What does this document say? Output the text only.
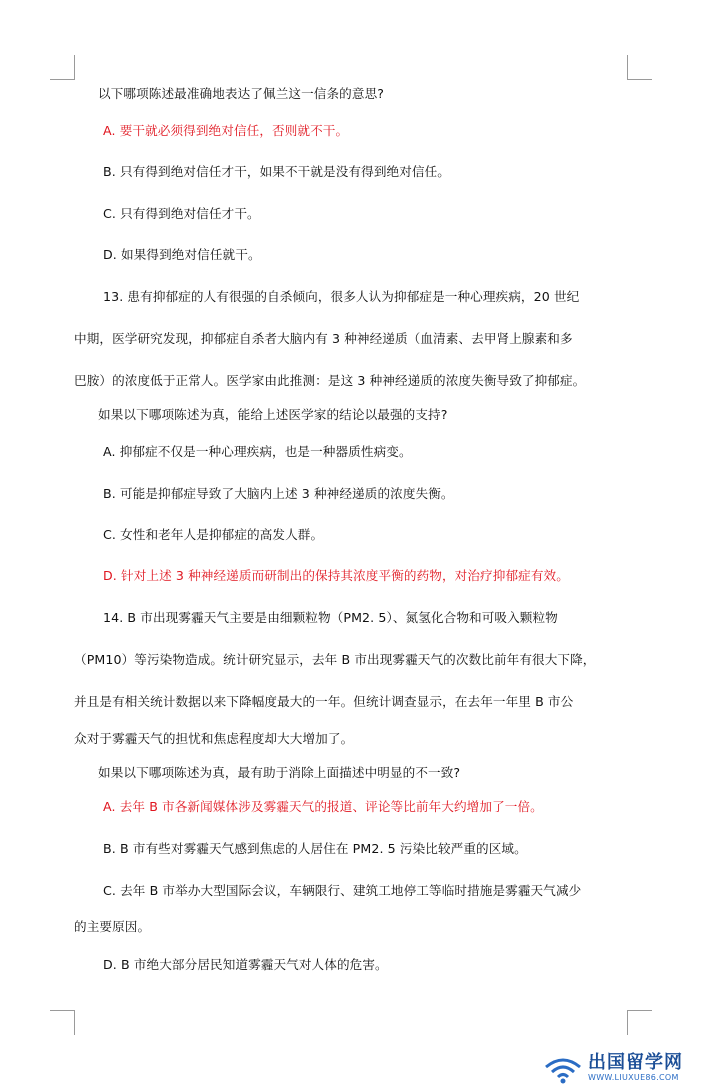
以下哪项陈述最准确地表达了佩兰这一信条的意思?

A. 要干就必须得到绝对信任，否则就不干。

B. 只有得到绝对信任才干，如果不干就是没有得到绝对信任。

C. 只有得到绝对信任才干。

D. 如果得到绝对信任就干。

13. 患有抑郁症的人有很强的自杀倾向，很多人认为抑郁症是一种心理疾病，20 世纪

中期，医学研究发现，抑郁症自杀者大脑内有 3 种神经递质（血清素、去甲肾上腺素和多

巴胺）的浓度低于正常人。医学家由此推测：是这 3 种神经递质的浓度失衡导致了抑郁症。

如果以下哪项陈述为真，能给上述医学家的结论以最强的支持?

A. 抑郁症不仅是一种心理疾病，也是一种器质性病变。

B. 可能是抑郁症导致了大脑内上述 3 种神经递质的浓度失衡。

C. 女性和老年人是抑郁症的高发人群。

D. 针对上述 3 种神经递质而研制出的保持其浓度平衡的药物，对治疗抑郁症有效。

14. B 市出现雾霾天气主要是由细颗粒物（PM2. 5）、氮氢化合物和可吸入颗粒物

（PM10）等污染物造成。统计研究显示，去年 B 市出现雾霾天气的次数比前年有很大下降，

并且是有相关统计数据以来下降幅度最大的一年。但统计调查显示，在去年一年里 B 市公

众对于雾霾天气的担忧和焦虑程度却大大增加了。

如果以下哪项陈述为真，最有助于消除上面描述中明显的不一致?

A. 去年 B 市各新闻媒体涉及雾霾天气的报道、评论等比前年大约增加了一倍。

B. B 市有些对雾霾天气感到焦虑的人居住在 PM2. 5 污染比较严重的区域。

C. 去年 B 市举办大型国际会议，车辆限行、建筑工地停工等临时措施是雾霾天气减少

的主要原因。

D. B 市绝大部分居民知道雾霾天气对人体的危害。

出国留学网
WWW.LIUXUE86.COM
